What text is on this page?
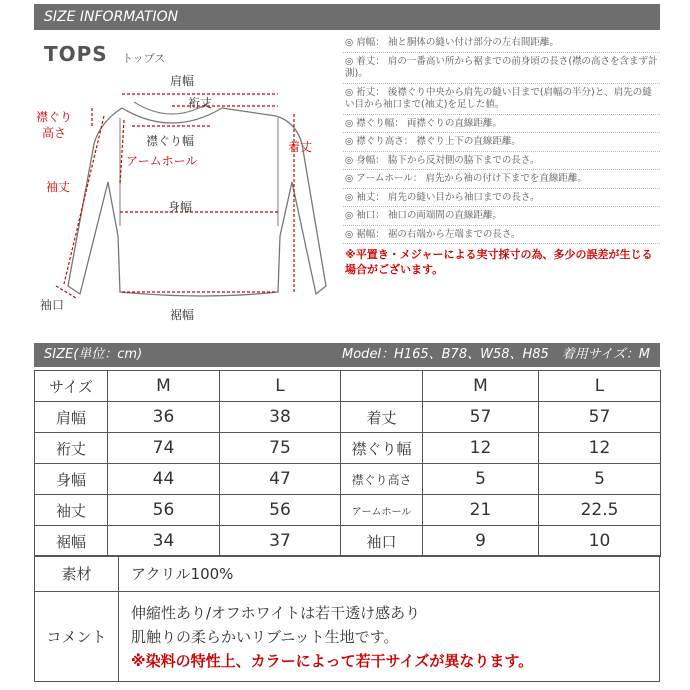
SIZE INFORMATION
TOPS トップス
肩幅
裄丈
襟ぐり幅
襟ぐり
高さ
アームホール
着丈
袖丈
身幅
袖口
裾幅
◎ 肩幅： 袖と胴体の縫い付け部分の左右間距離。
◎ 着丈： 肩の一番高い所から裾までの前身頃の長さ(襟の高さを含まず計測)。
◎ 裄丈： 後襟ぐり中央から肩先の縫い目まで(肩幅の半分)と、肩先の縫い目から袖口まで(袖丈)を足した値。
◎ 襟ぐり幅： 両襟ぐりの直線距離。
◎ 襟ぐり高さ： 襟ぐり上下の直線距離。
◎ 身幅： 脇下から反対側の脇下までの長さ。
◎ アームホール： 肩先から袖の付け下までを直線距離。
◎ 袖丈： 肩先の縫い目から袖口までの長さ。
◎ 袖口： 袖口の両端間の直線距離。
◎ 裾幅： 裾の右端から左端までの長さ。
※平置き・メジャーによる実寸採寸の為、多少の誤差が生じる場合がございます。
SIZE(単位：cm)	Model：H165、B78、W58、H85　着用サイズ：M
サイズ	M	L		M	L
肩幅	36	38	着丈	57	57
裄丈	74	75	襟ぐり幅	12	12
身幅	44	47	襟ぐり高さ	5	5
袖丈	56	56	アームホール	21	22.5
裾幅	34	37	袖口	9	10
素材	アクリル100%
コメント	伸縮性あり/オフホワイトは若干透け感あり
肌触りの柔らかいリブニット生地です。
※染料の特性上、カラーによって若干サイズが異なります。
